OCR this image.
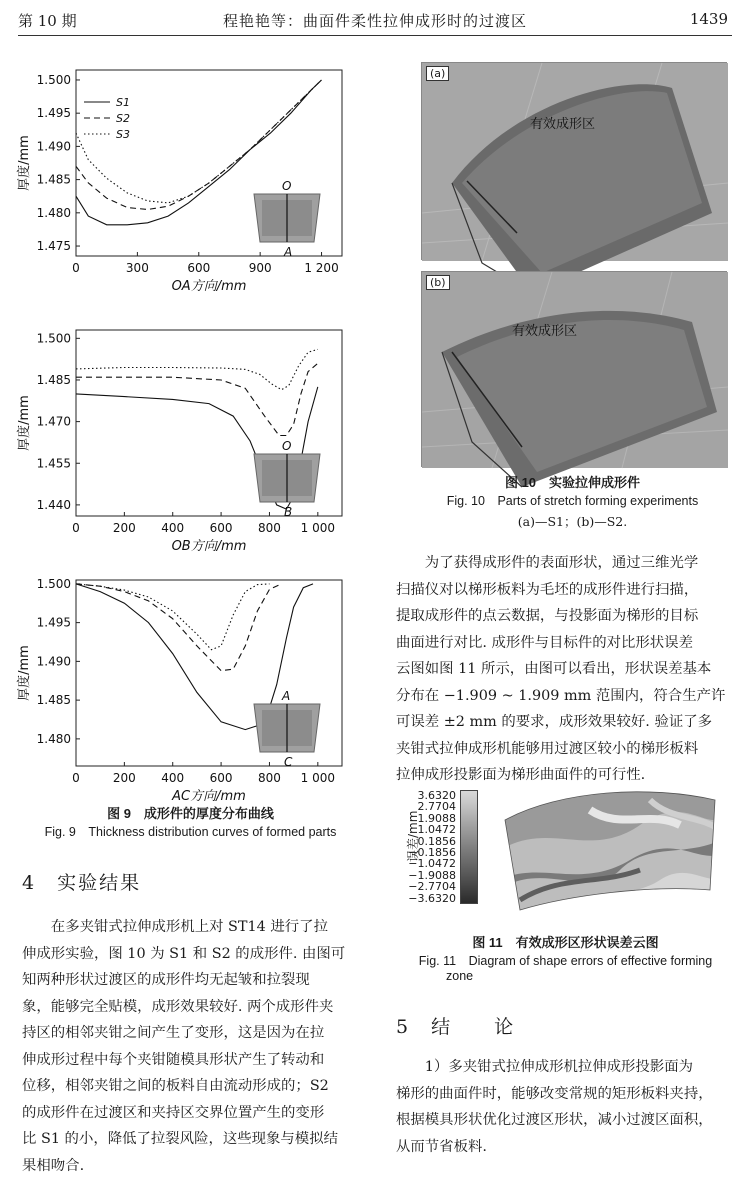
第 10 期	程艳艳等：曲面件柔性拉伸成形时的过渡区	1439
0	300	600	900	1 200
1.475
1.480
1.485
1.490
1.495
1.500
OA方向/mm
厚度/mm
S1
S2
S3
O
A
0	200 400 600 800 1 000
1.440
1.455
1.470
1.485
1.500
OB方向/mm
厚度/mm	O
B
0	200 400 600 800 1 000
1.480
1.485
1.490
1.495
1.500
AC方向/mm
厚度/mm	A
C
图 9　成形件的厚度分布曲线
Fig. 9　Thickness distribution curves of formed parts
4　实验结果
在多夹钳式拉伸成形机上对 ST14 进行了拉
伸成形实验，图 10 为 S1 和 S2 的成形件. 由图可
知两种形状过渡区的成形件均无起皱和拉裂现
象，能够完全贴模，成形效果较好. 两个成形件夹
持区的相邻夹钳之间产生了变形，这是因为在拉
伸成形过程中每个夹钳随模具形状产生了转动和
位移，相邻夹钳之间的板料自由流动形成的；S2
的成形件在过渡区和夹持区交界位置产生的变形
比 S1 的小，降低了拉裂风险，这些现象与模拟结
果相吻合.
(a)
有效成形区
(b)
有效成形区
图 10　实验拉伸成形件
Fig. 10　Parts of stretch forming experiments
(a)—S1；(b)—S2.
为了获得成形件的表面形状，通过三维光学
扫描仪对以梯形板料为毛坯的成形件进行扫描，
提取成形件的点云数据，与投影面为梯形的目标
曲面进行对比. 成形件与目标件的对比形状误差
云图如图 11 所示，由图可以看出，形状误差基本
分布在 −1.909 ~ 1.909 mm 范围内，符合生产许
可误差 ±2 mm 的要求，成形效果较好. 验证了多
夹钳式拉伸成形机能够用过渡区较小的梯形板料
拉伸成形投影面为梯形曲面件的可行性.
3.6320
2.7704
1.9088
1.0472
0.1856
−0.1856
−1.0472
−1.9088
−2.7704
−3.6320
误差/mm
图 11　有效成形区形状误差云图
Fig. 11　Diagram of shape errors of effective forming
zone
5　结　　论
1）多夹钳式拉伸成形机拉伸成形投影面为
梯形的曲面件时，能够改变常规的矩形板料夹持，
根据模具形状优化过渡区形状，减小过渡区面积，
从而节省板料.
